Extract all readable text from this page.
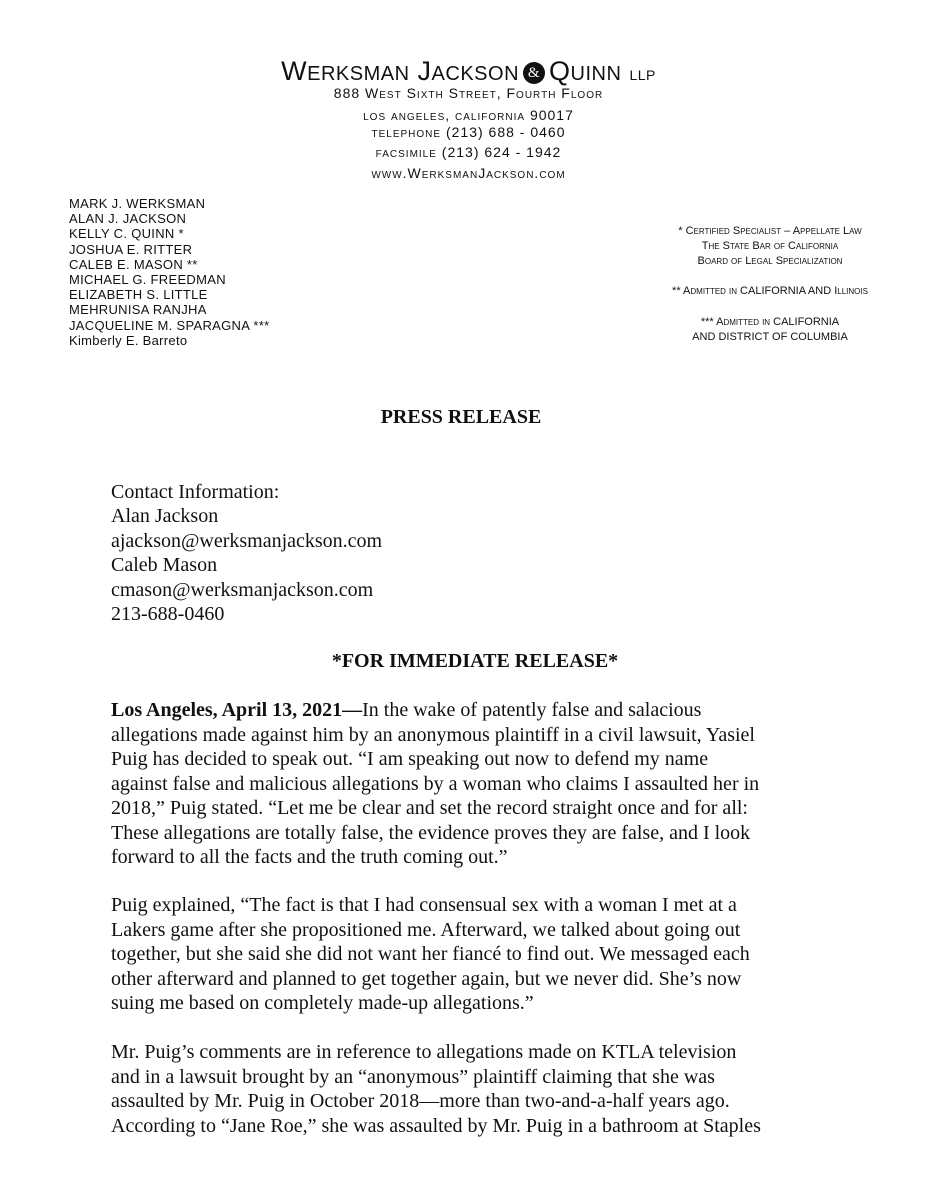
WERKSMAN JACKSON & QUINN LLP
888 West Sixth Street, Fourth Floor
los angeles, california 90017
telephone (213) 688 - 0460
facsimile (213) 624 - 1942
www.WerksmanJackson.com
MARK J. WERKSMAN
ALAN J. JACKSON
KELLY C. QUINN *
JOSHUA E. RITTER
CALEB E. MASON **
MICHAEL G. FREEDMAN
ELIZABETH S. LITTLE
MEHRUNISA RANJHA
JACQUELINE M. SPARAGNA ***
Kimberly E. Barreto
* Certified Specialist – Appellate Law
The State Bar of California
Board of Legal Specialization
** Admitted in CALIFORNIA AND Illinois
*** Admitted in CALIFORNIA
AND DISTRICT OF COLUMBIA
PRESS RELEASE
Contact Information:
Alan Jackson
ajackson@werksmanjackson.com
Caleb Mason
cmason@werksmanjackson.com
213-688-0460
*FOR IMMEDIATE RELEASE*
Los Angeles, April 13, 2021—In the wake of patently false and salacious
allegations made against him by an anonymous plaintiff in a civil lawsuit, Yasiel
Puig has decided to speak out. “I am speaking out now to defend my name
against false and malicious allegations by a woman who claims I assaulted her in
2018,” Puig stated. “Let me be clear and set the record straight once and for all:
These allegations are totally false, the evidence proves they are false, and I look
forward to all the facts and the truth coming out.”
Puig explained, “The fact is that I had consensual sex with a woman I met at a
Lakers game after she propositioned me. Afterward, we talked about going out
together, but she said she did not want her fiancé to find out. We messaged each
other afterward and planned to get together again, but we never did. She’s now
suing me based on completely made-up allegations.”
Mr. Puig’s comments are in reference to allegations made on KTLA television
and in a lawsuit brought by an “anonymous” plaintiff claiming that she was
assaulted by Mr. Puig in October 2018—more than two-and-a-half years ago.
According to “Jane Roe,” she was assaulted by Mr. Puig in a bathroom at Staples
